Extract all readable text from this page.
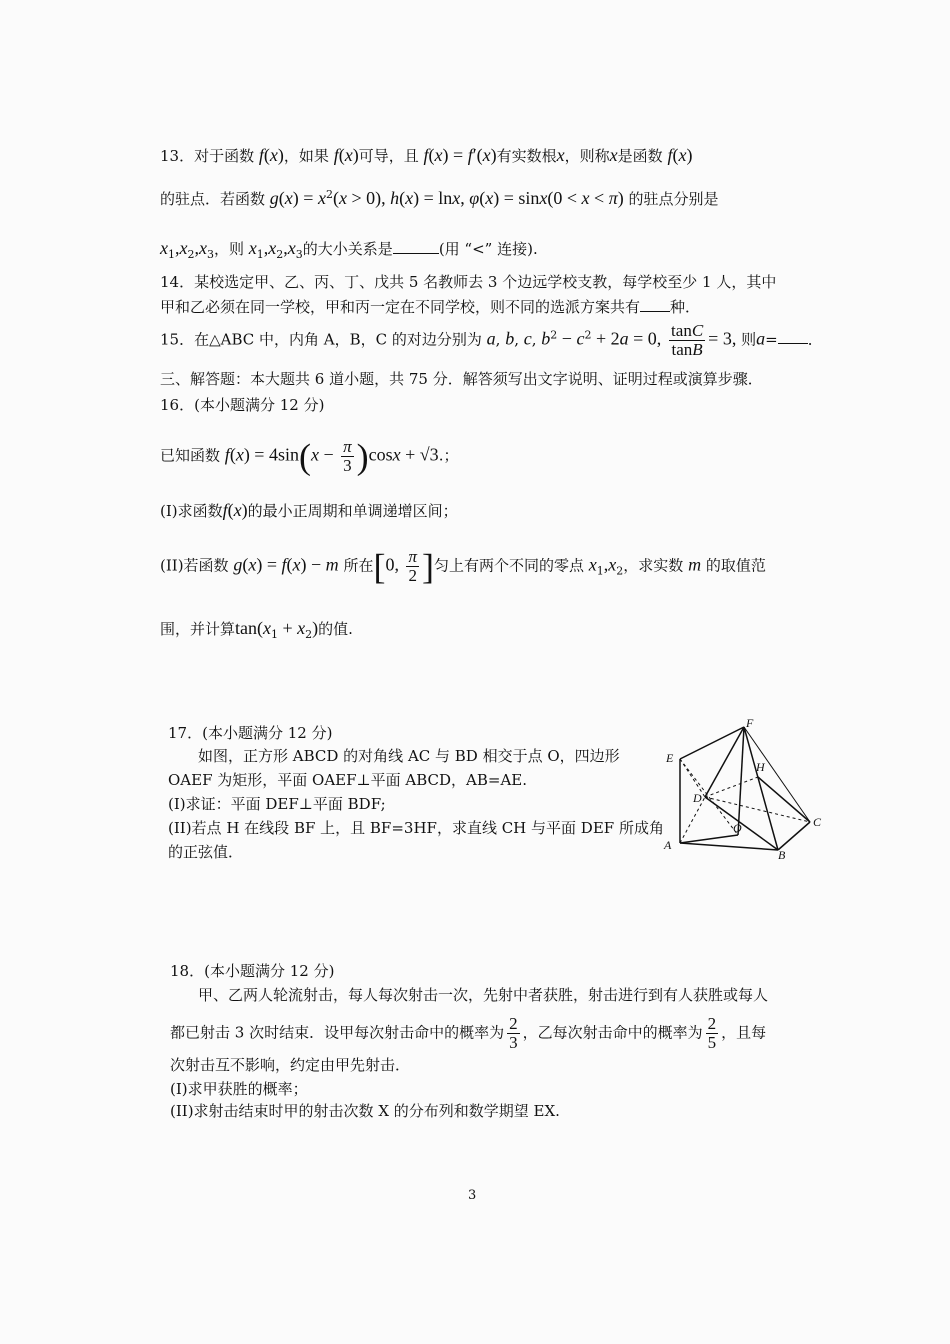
13．对于函数 f(x)，如果 f(x)可导，且 f(x) = f′(x)有实数根x，则称x是函数 f(x)
的驻点．若函数 $g(x) = x^2(x > 0)$, h(x) = lnx, φ(x) = sinx(0 < x < π) 的驻点分别是
$x_1,x_2,x_3$，则 $x_1,x_2,x_3$的大小关系是	(用 “<” 连接).
14．某校选定甲、乙、丙、丁、戊共 5 名教师去 3 个边远学校支教，每学校至少 1 人，其中
甲和乙必须在同一学校，甲和丙一定在不同学校，则不同的选派方案共有 种．
15．在△ABC 中，内角 A，B，C 的对边分别为 a, b, c, $b^2 - c^2 + 2a = 0$, $\frac{\tan C}{\tan B} = 3$, 则a= ．
三、解答题：本大题共 6 道小题，共 75 分．解答须写出文字说明、证明过程或演算步骤．
16．(本小题满分 12 分)
已知函数 $f(x) = 4\sin(x - \frac{\pi}{3} )\cos x + √3$.；
(I)求函数f(x)的最小正周期和单调递增区间；
(II)若函数 g(x) = f(x) − m 所在[0, $\frac{\pi}{2}$ ]匀上有两个不同的零点 $x_1,x_2$，求实数 m 的取值范
围，并计算$\tan(x_1 + x_2)$的值.
17．(本小题满分 12 分)
如图，正方形 ABCD 的对角线 AC 与 BD 相交于点 O，四边形
OAEF 为矩形，平面 OAEF⊥平面 ABCD，AB=AE.
(I)求证：平面 DEF⊥平面 BDF;
(II)若点 H 在线段 BF 上，且 BF=3HF，求直线 CH 与平面 DEF 所成角
的正弦值．
F
E
H
D
C
O
A
B
18．(本小题满分 12 分)
甲、乙两人轮流射击，每人每次射击一次，先射中者获胜，射击进行到有人获胜或每人
都已射击 3 次时结束．设甲每次射击命中的概率为 $\frac{2}{3}$ ，乙每次射击命中的概率为 $\frac{2}{5}$ ，且每
次射击互不影响，约定由甲先射击．
(I)求甲获胜的概率；
(II)求射击结束时甲的射击次数 X 的分布列和数学期望 EX.
3
